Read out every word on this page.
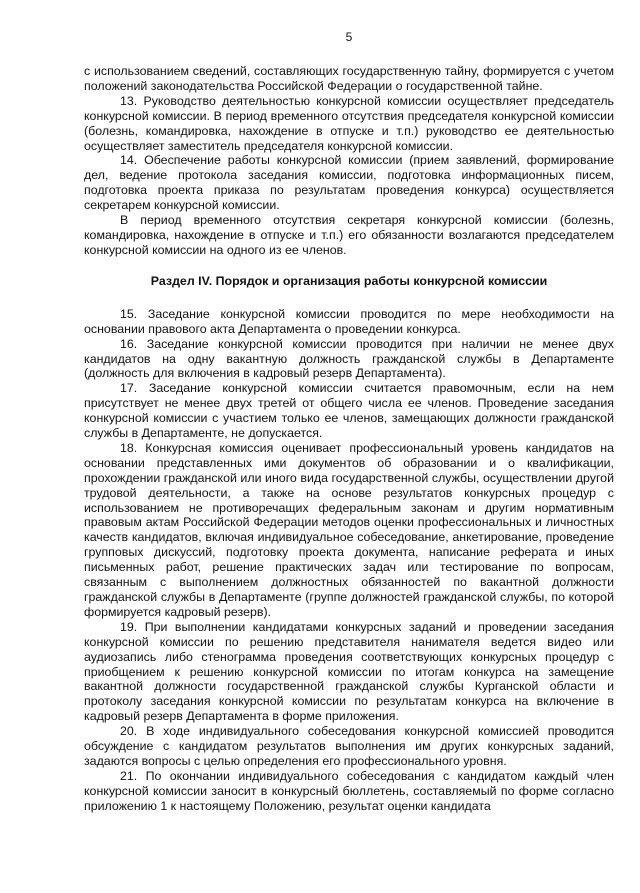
5

с использованием сведений, составляющих государственную тайну, формируется с учетом положений законодательства Российской Федерации о государственной тайне.

13. Руководство деятельностью конкурсной комиссии осуществляет председатель конкурсной комиссии. В период временного отсутствия председателя конкурсной комиссии (болезнь, командировка, нахождение в отпуске и т.п.) руководство ее деятельностью осуществляет заместитель председателя конкурсной комиссии.

14. Обеспечение работы конкурсной комиссии (прием заявлений, формирование дел, ведение протокола заседания комиссии, подготовка информационных писем, подготовка проекта приказа по результатам проведения конкурса) осуществляется секретарем конкурсной комиссии.

В период временного отсутствия секретаря конкурсной комиссии (болезнь, командировка, нахождение в отпуске и т.п.) его обязанности возлагаются председателем конкурсной комиссии на одного из ее членов.

Раздел IV. Порядок и организация работы конкурсной комиссии

15. Заседание конкурсной комиссии проводится по мере необходимости на основании правового акта Департамента о проведении конкурса.

16. Заседание конкурсной комиссии проводится при наличии не менее двух кандидатов на одну вакантную должность гражданской службы в Департаменте (должность для включения в кадровый резерв Департамента).

17. Заседание конкурсной комиссии считается правомочным, если на нем присутствует не менее двух третей от общего числа ее членов. Проведение заседания конкурсной комиссии с участием только ее членов, замещающих должности гражданской службы в Департаменте, не допускается.

18. Конкурсная комиссия оценивает профессиональный уровень кандидатов на основании представленных ими документов об образовании и о квалификации, прохождении гражданской или иного вида государственной службы, осуществлении другой трудовой деятельности, а также на основе результатов конкурсных процедур с использованием не противоречащих федеральным законам и другим нормативным правовым актам Российской Федерации методов оценки профессиональных и личностных качеств кандидатов, включая индивидуальное собеседование, анкетирование, проведение групповых дискуссий, подготовку проекта документа, написание реферата и иных письменных работ, решение практических задач или тестирование по вопросам, связанным с выполнением должностных обязанностей по вакантной должности гражданской службы в Департаменте (группе должностей гражданской службы, по которой формируется кадровый резерв).

19. При выполнении кандидатами конкурсных заданий и проведении заседания конкурсной комиссии по решению представителя нанимателя ведется видео или аудиозапись либо стенограмма проведения соответствующих конкурсных процедур с приобщением к решению конкурсной комиссии по итогам конкурса на замещение вакантной должности государственной гражданской службы Курганской области и протоколу заседания конкурсной комиссии по результатам конкурса на включение в кадровый резерв Департамента в форме приложения.

20. В ходе индивидуального собеседования конкурсной комиссией проводится обсуждение с кандидатом результатов выполнения им других конкурсных заданий, задаются вопросы с целью определения его профессионального уровня.

21. По окончании индивидуального собеседования с кандидатом каждый член конкурсной комиссии заносит в конкурсный бюллетень, составляемый по форме согласно приложению 1 к настоящему Положению, результат оценки кандидата
